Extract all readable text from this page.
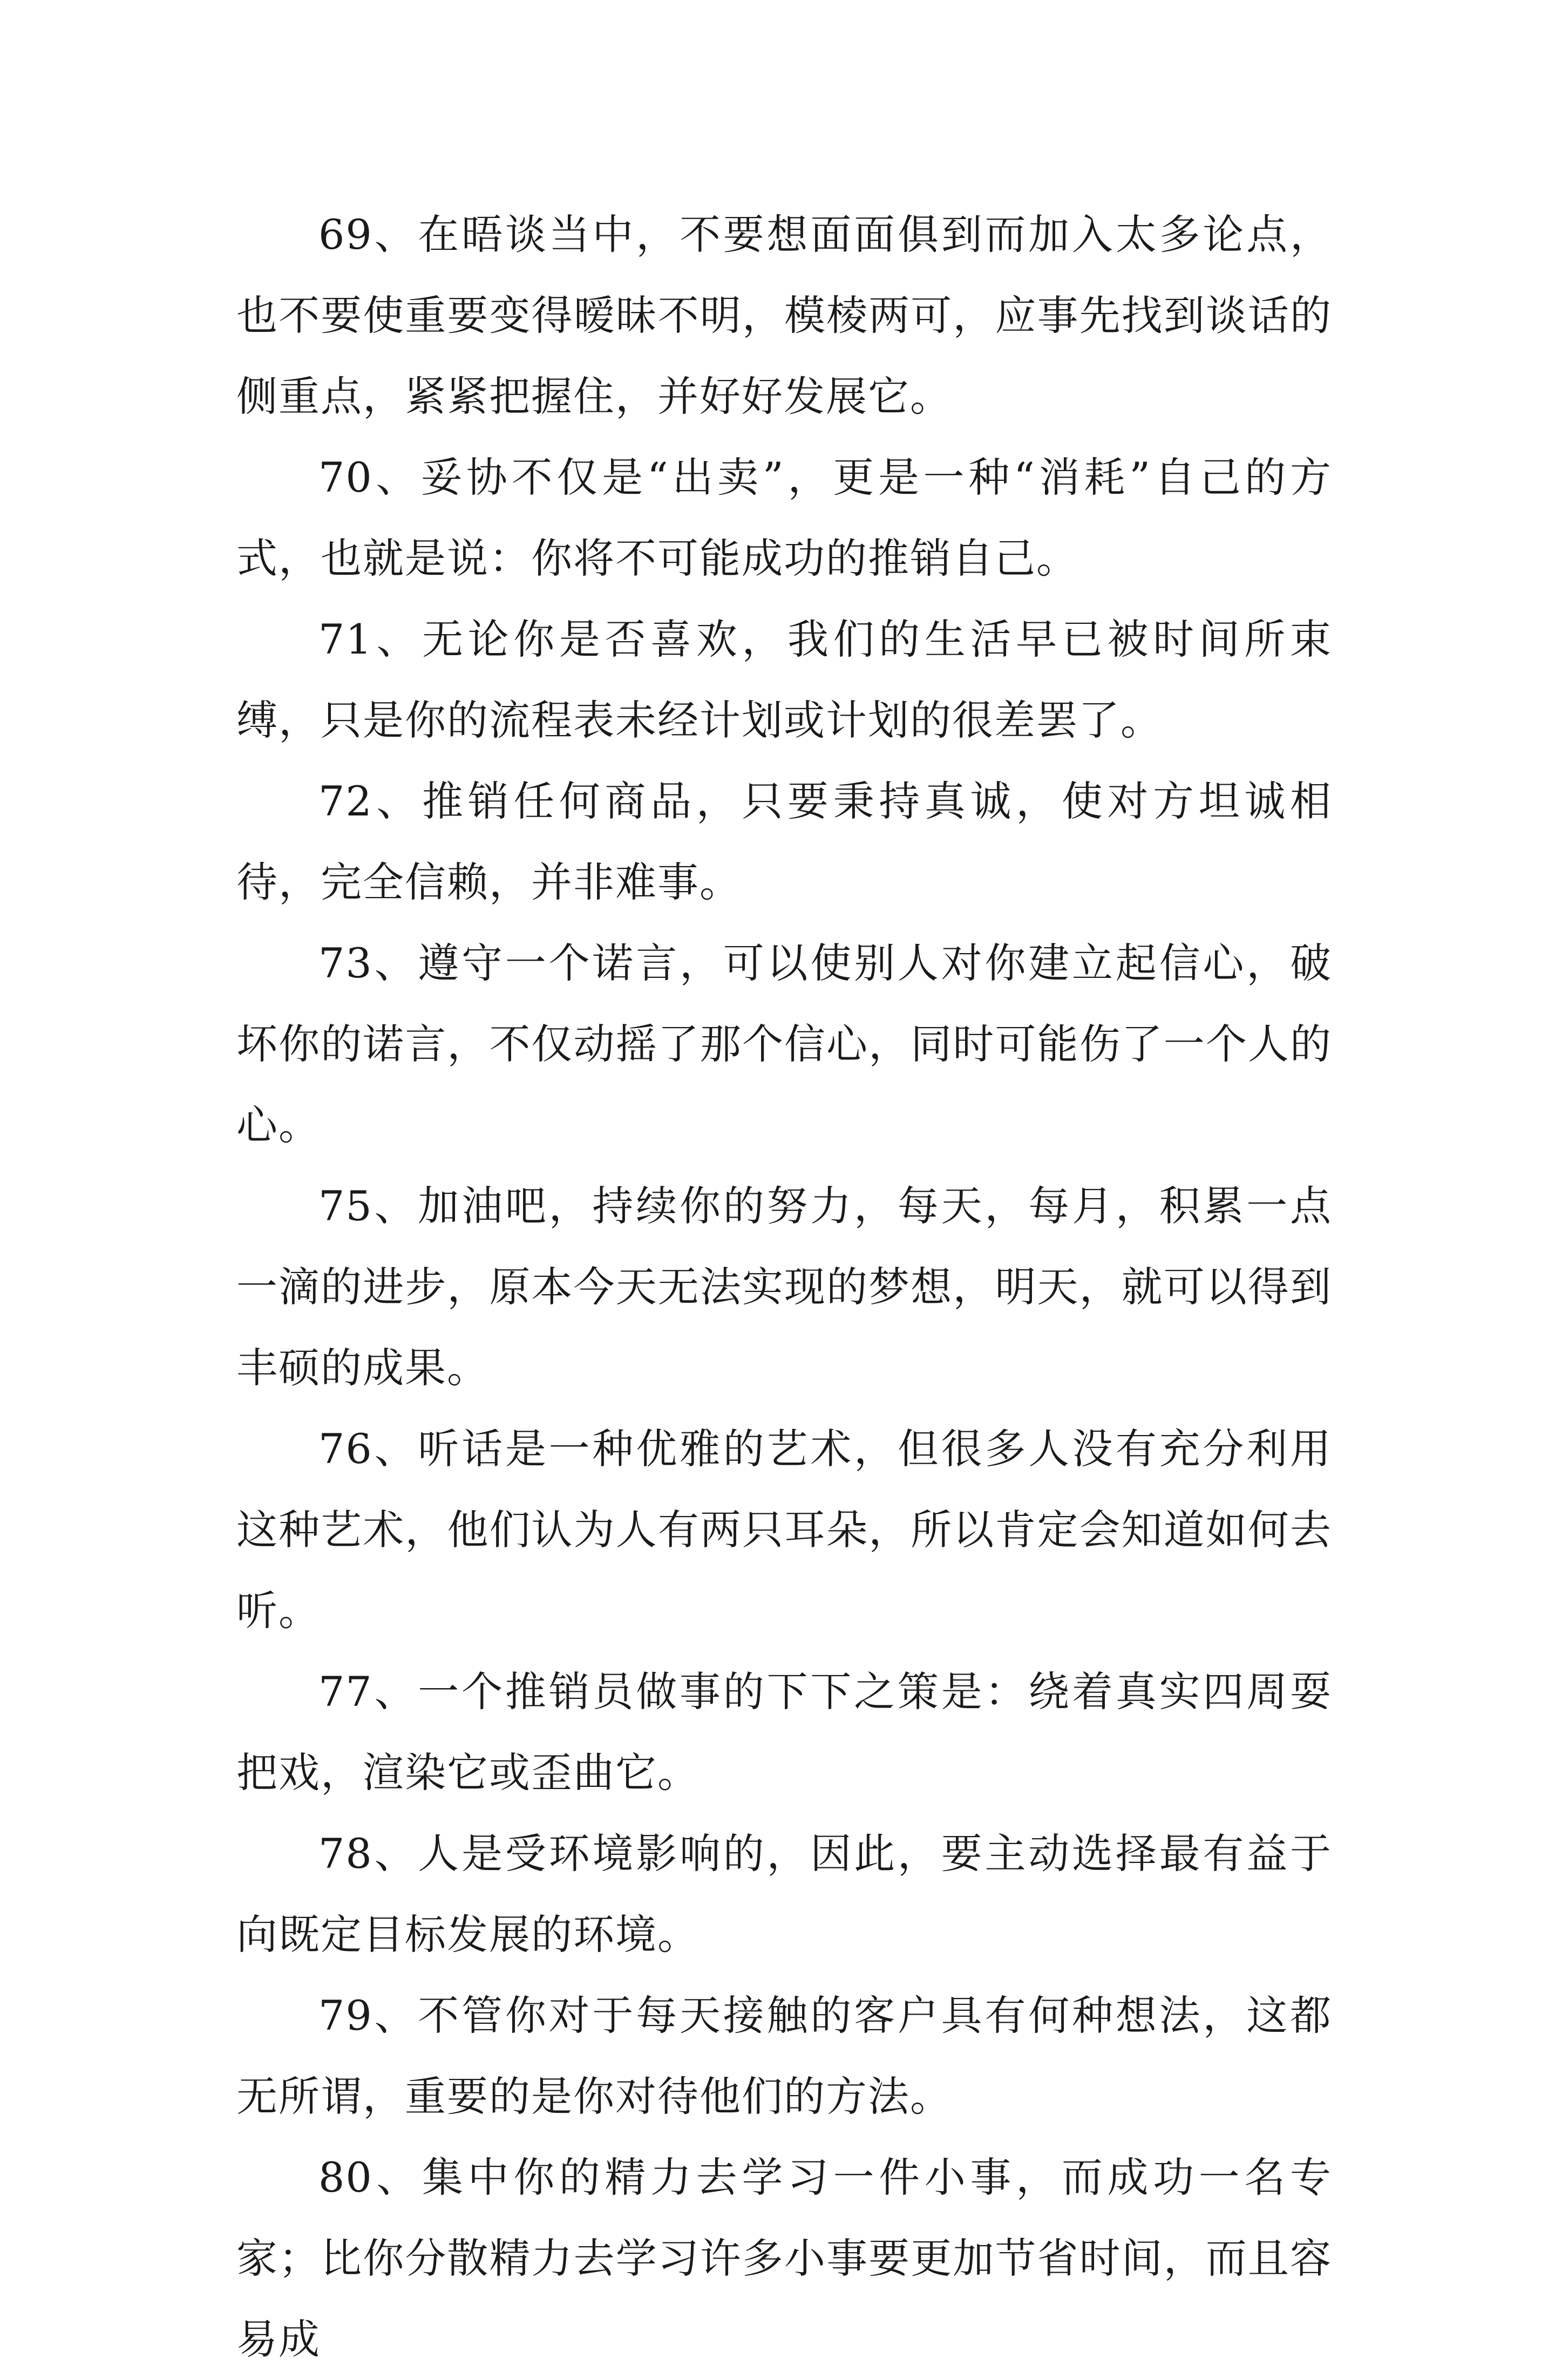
69、在晤谈当中，不要想面面俱到而加入太多论点，也不要使重要变得暧昧不明，模棱两可，应事先找到谈话的侧重点，紧紧把握住，并好好发展它。

70、妥协不仅是“出卖”，更是一种“消耗”自己的方式，也就是说：你将不可能成功的推销自己。

71、无论你是否喜欢，我们的生活早已被时间所束缚，只是你的流程表未经计划或计划的很差罢了。

72、推销任何商品，只要秉持真诚，使对方坦诚相待，完全信赖，并非难事。

73、遵守一个诺言，可以使别人对你建立起信心，破坏你的诺言，不仅动摇了那个信心，同时可能伤了一个人的心。

75、加油吧，持续你的努力，每天，每月，积累一点一滴的进步，原本今天无法实现的梦想，明天，就可以得到丰硕的成果。

76、听话是一种优雅的艺术，但很多人没有充分利用这种艺术，他们认为人有两只耳朵，所以肯定会知道如何去听。

77、一个推销员做事的下下之策是：绕着真实四周耍把戏，渲染它或歪曲它。

78、人是受环境影响的，因此，要主动选择最有益于向既定目标发展的环境。

79、不管你对于每天接触的客户具有何种想法，这都无所谓，重要的是你对待他们的方法。

80、集中你的精力去学习一件小事，而成功一名专家；比你分散精力去学习许多小事要更加节省时间，而且容易成
